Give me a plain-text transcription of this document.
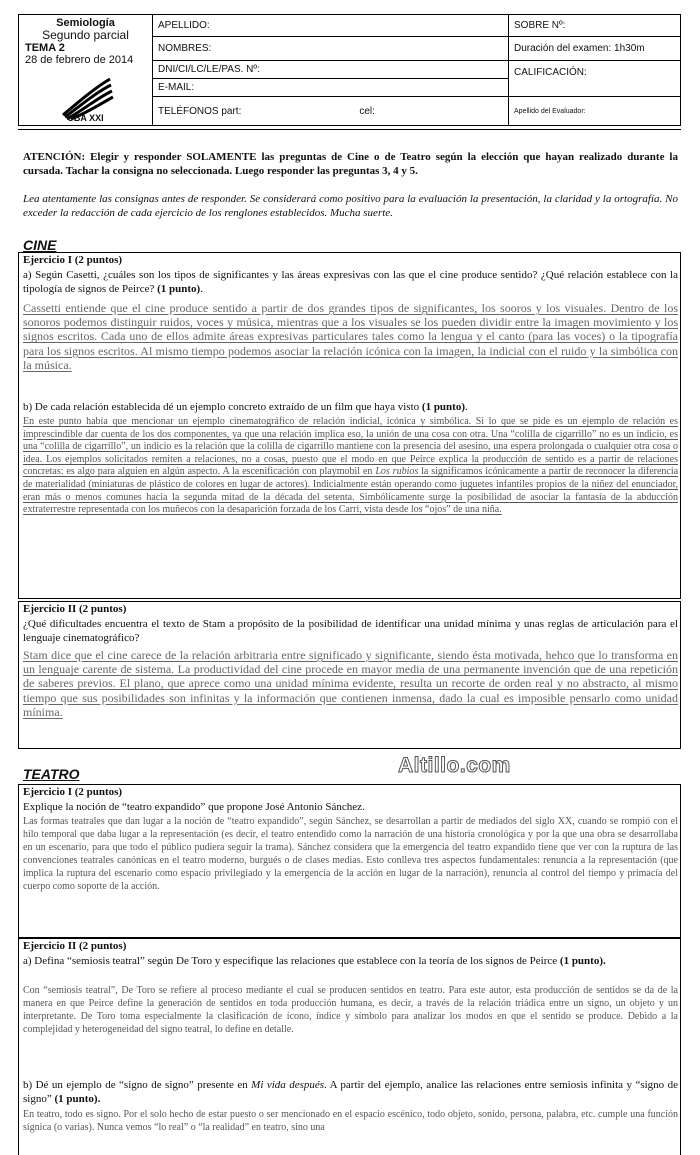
Semiología
Segundo parcial
TEMA 2
28 de febrero de 2014
UBA XXI
APELLIDO:
NOMBRES:
DNI/CI/LC/LE/PAS. Nº:
E-MAIL:
TELÉFONOS part:	cel:
SOBRE Nº:
Duración del examen: 1h30m
CALIFICACIÓN:
Apellido del Evaluador:
ATENCIÓN: Elegir y responder SOLAMENTE las preguntas de Cine o de Teatro según la elección que hayan realizado durante la cursada. Tachar la consigna no seleccionada. Luego responder las preguntas 3, 4 y 5.
Lea atentamente las consignas antes de responder. Se considerará como positivo para la evaluación la presentación, la claridad y la ortografía. No exceder la redacción de cada ejercicio de los renglones establecidos. Mucha suerte.
CINE
Ejercicio I (2 puntos)
a) Según Casetti, ¿cuáles son los tipos de significantes y las áreas expresivas con las que el cine produce sentido? ¿Qué relación establece con la tipología de signos de Peirce? (1 punto).
Cassetti entiende que el cine produce sentido a partir de dos grandes tipos de significantes, los sooros y los visuales. Dentro de los sonoros podemos distinguir ruidos, voces y música, mientras que a los visuales se los pueden dividir entre la imagen movimiento y los signos escritos. Cada uno de ellos admite áreas expresivas particulares tales como la lengua y el canto (para las voces) o la tipografía para los signos escritos. Al mismo tiempo podemos asociar la relación icónica con la imagen, la indicial con el ruido y la simbólica con la música.
b) De cada relación establecida dé un ejemplo concreto extraído de un film que haya visto (1 punto).
En este punto había que mencionar un ejemplo cinematográfico de relación indicial, icónica y simbólica. Si lo que se pide es un ejemplo de relación es imprescindible dar cuenta de los dos componentes, ya que una relación implica eso, la unión de una cosa con otra. Una “colilla de cigarrillo” no es un indicio, es una “colilla de cigarrillo”, un indicio es la relación que la colilla de cigarrillo mantiene con la presencia del asesino, una espera prolongada o cualquier otra cosa o idea. Los ejemplos solicitados remiten a relaciones, no a cosas, puesto que el modo en que Peirce explica la producción de sentido es a partir de relaciones concretas: es algo para alguien en algún aspecto. A la escenificación con playmobil en Los rubios la significamos icónicamente a partir de reconocer la diferencia de materialidad (miniaturas de plástico de colores en lugar de actores). Indicialmente están operando como juguetes infantiles propios de la niñez del enunciador, eran más o menos comunes hacia la segunda mitad de la década del setenta. Simbólicamente surge la posibilidad de asociar la fantasía de la abducción extraterrestre representada con los muñecos con la desaparición forzada de los Carri, vista desde los “ojos” de una niña.
Ejercicio II (2 puntos)
¿Qué dificultades encuentra el texto de Stam a propósito de la posibilidad de identificar una unidad mínima y unas reglas de articulación para el lenguaje cinematográfico?
Stam dice que el cine carece de la relación arbitraria entre significado y significante, siendo ésta motivada, hehco que lo transforma en un lenguaje carente de sistema. La productividad del cine procede en mayor media de una permanente invención que de una repetición de saberes previos. El plano, que aprece como una unidad mínima evidente, resulta un recorte de orden real y no abstracto, al mismo tiempo que sus posibilidades son infinitas y la información que contienen inmensa, dado la cual es imposible pensarlo como unidad mínima.
Altillo.com
TEATRO
Ejercicio I (2 puntos)
Explique la noción de “teatro expandido” que propone José Antonio Sánchez.
Las formas teatrales que dan lugar a la noción de “teatro expandido”, según Sánchez, se desarrollan a partir de mediados del siglo XX, cuando se rompió con el hilo temporal que daba lugar a la representación (es decir, el teatro entendido como la narración de una historia cronológica y por la que una obra se desarrollaba en un escenario, para que todo el público pudiera seguir la trama). Sánchez considera que la emergencia del teatro expandido tiene que ver con la ruptura de las convenciones teatrales canónicas en el teatro moderno, burgués o de clases medias. Esto conlleva tres aspectos fundamentales: renuncia a la representación (que implica la ruptura del escenario como espacio privilegiado y la emergencia de la acción en lugar de la narración), renuncia al control del tiempo y primacía del cuerpo como soporte de la acción.
Ejercicio II (2 puntos)
a) Defina “semiosis teatral” según De Toro y especifique las relaciones que establece con la teoría de los signos de Peirce (1 punto).
Con “semiosis teatral”, De Toro se refiere al proceso mediante el cual se producen sentidos en teatro. Para este autor, esta producción de sentidos se da de la manera en que Peirce define la generación de sentidos en toda producción humana, es decir, a través de la relación triádica entre un signo, un objeto y un interpretante. De Toro toma especialmente la clasificación de ícono, índice y símbolo para analizar los modos en que el sentido se produce. Debido a la complejidad y heterogeneidad del signo teatral, lo define en detalle.
b) Dé un ejemplo de “signo de signo” presente en Mi vida después. A partir del ejemplo, analice las relaciones entre semiosis infinita y “signo de signo” (1 punto).
En teatro, todo es signo. Por el solo hecho de estar puesto o ser mencionado en el espacio escénico, todo objeto, sonido, persona, palabra, etc. cumple una función sígnica (o varias). Nunca vemos “lo real” o “la realidad” en teatro, sino una
